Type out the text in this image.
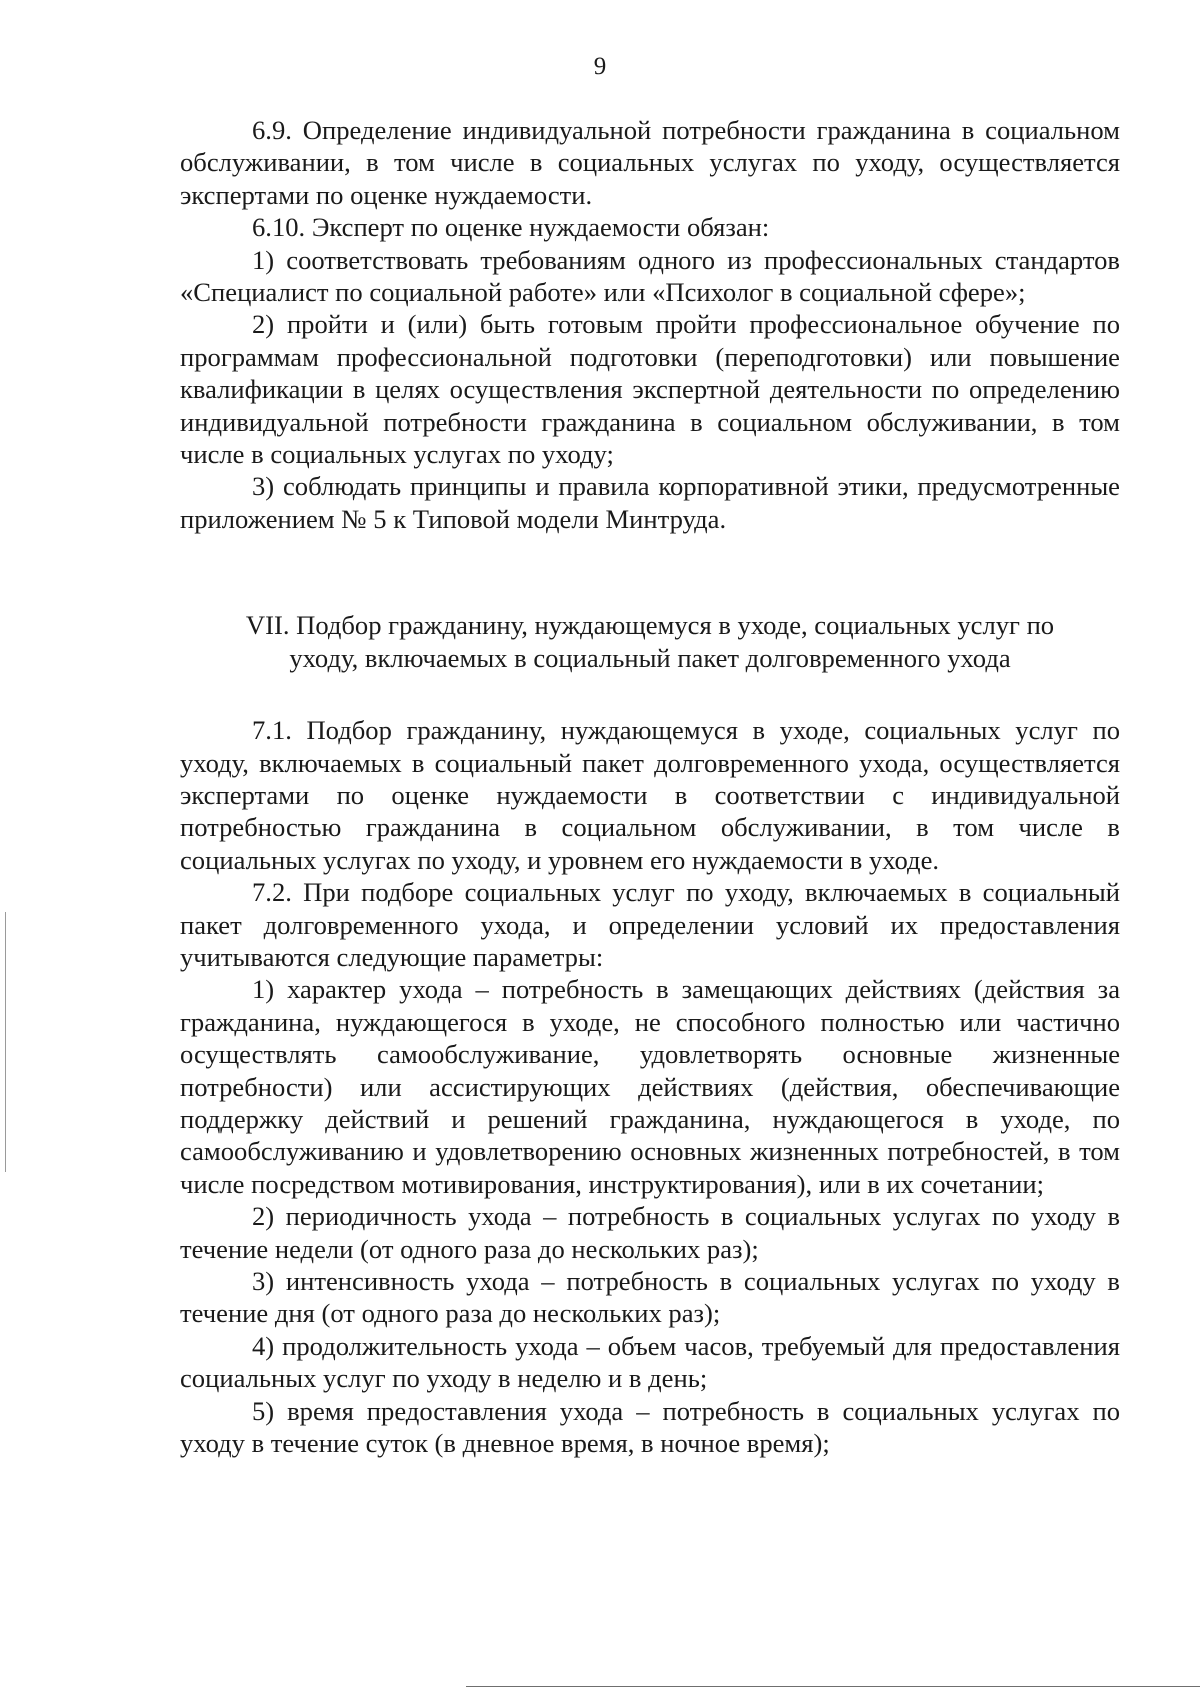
9

6.9. Определение индивидуальной потребности гражданина в социальном обслуживании, в том числе в социальных услугах по уходу, осуществляется экспертами по оценке нуждаемости.

6.10. Эксперт по оценке нуждаемости обязан:

1) соответствовать требованиям одного из профессиональных стандартов «Специалист по социальной работе» или «Психолог в социальной сфере»;

2) пройти и (или) быть готовым пройти профессиональное обучение по программам профессиональной подготовки (переподготовки) или повышение квалификации в целях осуществления экспертной деятельности по определению индивидуальной потребности гражданина в социальном обслуживании, в том числе в социальных услугах по уходу;

3) соблюдать принципы и правила корпоративной этики, предусмотренные приложением № 5 к Типовой модели Минтруда.

VII. Подбор гражданину, нуждающемуся в уходе, социальных услуг по
уходу, включаемых в социальный пакет долговременного ухода

7.1. Подбор гражданину, нуждающемуся в уходе, социальных услуг по уходу, включаемых в социальный пакет долговременного ухода, осуществляется экспертами по оценке нуждаемости в соответствии с индивидуальной потребностью гражданина в социальном обслуживании, в том числе в социальных услугах по уходу, и уровнем его нуждаемости в уходе.

7.2. При подборе социальных услуг по уходу, включаемых в социальный пакет долговременного ухода, и определении условий их предоставления учитываются следующие параметры:

1) характер ухода – потребность в замещающих действиях (действия за гражданина, нуждающегося в уходе, не способного полностью или частично осуществлять самообслуживание, удовлетворять основные жизненные потребности) или ассистирующих действиях (действия, обеспечивающие поддержку действий и решений гражданина, нуждающегося в уходе, по самообслуживанию и удовлетворению основных жизненных потребностей, в том числе посредством мотивирования, инструктирования), или в их сочетании;

2) периодичность ухода – потребность в социальных услугах по уходу в течение недели (от одного раза до нескольких раз);

3) интенсивность ухода – потребность в социальных услугах по уходу в течение дня (от одного раза до нескольких раз);

4) продолжительность ухода – объем часов, требуемый для предоставления социальных услуг по уходу в неделю и в день;

5) время предоставления ухода – потребность в социальных услугах по уходу в течение суток (в дневное время, в ночное время);
